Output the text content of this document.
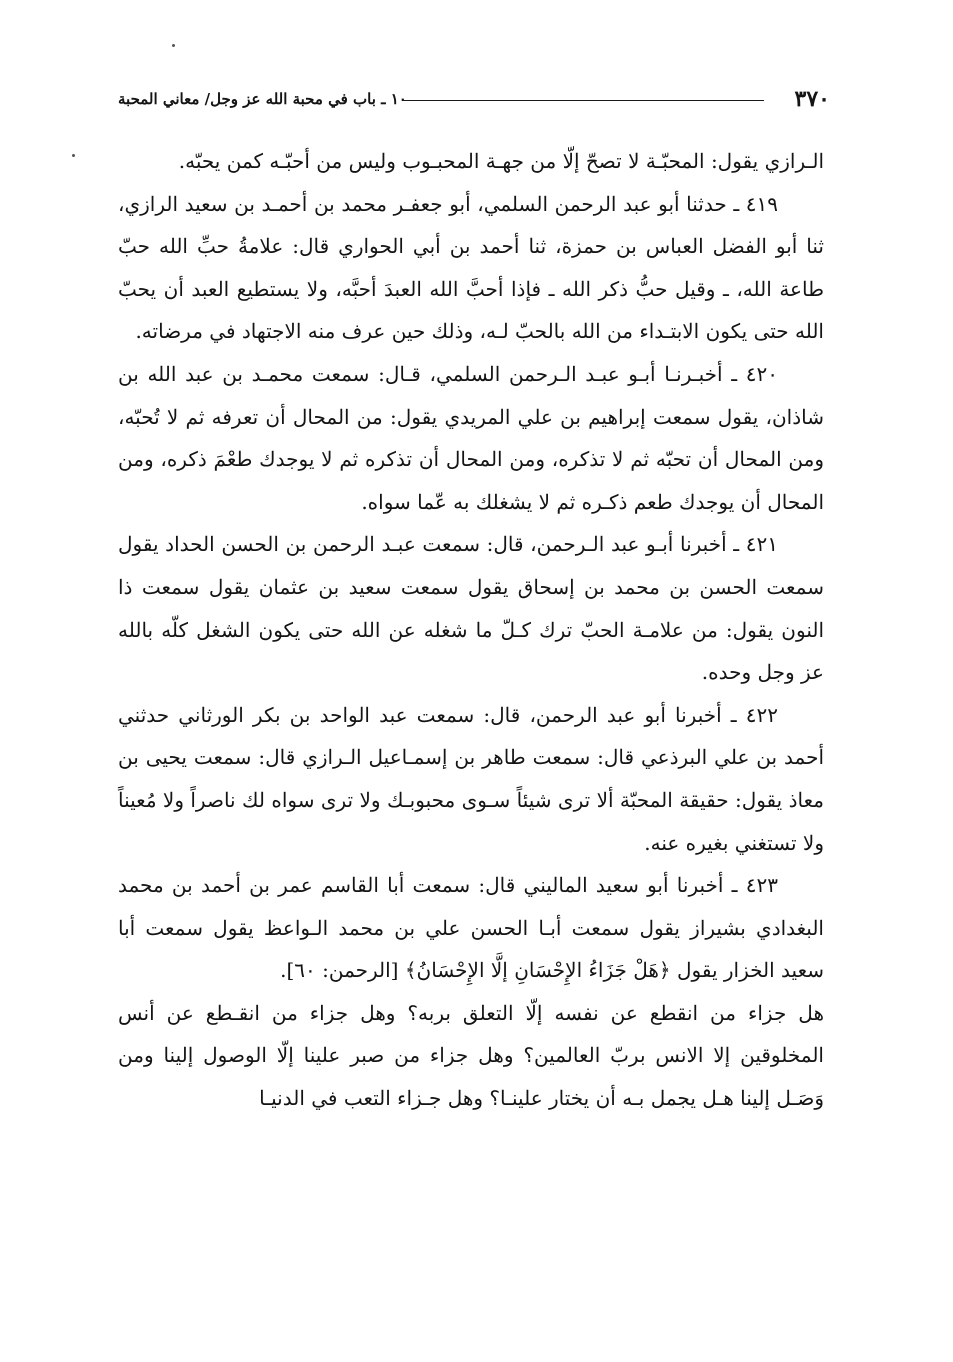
٣٧٠
١٠ ـ باب في محبة الله عز وجل/ معاني المحبة

الـرازي يقول: المحبّـة لا تصحّ إلّا من جهـة المحبـوب وليس من أحبّـه كمن يحبّه.

٤١٩ ـ حدثنا أبو عبد الرحمن السلمي، أبو جعفـر محمد بن أحمـد بن سعيد الرازي، ثنا أبو الفضل العباس بن حمزة، ثنا أحمد بن أبي الحواري قال: علامةُ حبِّ الله حبّ طاعة الله، ـ وقيل حبُّ ذكر الله ـ فإذا أحبَّ الله العبدَ أحبَّه، ولا يستطيع العبد أن يحبّ الله حتى يكون الابتـداء من الله بالحبّ لـه، وذلك حين عرف منه الاجتهاد في مرضاته.

٤٢٠ ـ أخبـرنـا أبـو عبـد الـرحمن السلمي، قـال: سمعت محمـد بن عبد الله بن شاذان، يقول سمعت إبراهيم بن علي المريدي يقول: من المحال أن تعرفه ثم لا تُحبّه، ومن المحال أن تحبّه ثم لا تذكره، ومن المحال أن تذكره ثم لا يوجدك طعْمَ ذكره، ومن المحال أن يوجدك طعم ذكـره ثم لا يشغلك به عّما سواه.

٤٢١ ـ أخبرنا أبـو عبد الـرحمن، قال: سمعت عبـد الرحمن بن الحسن الحداد يقول سمعت الحسن بن محمد بن إسحاق يقول سمعت سعيد بن عثمان يقول سمعت ذا النون يقول: من علامـة الحبّ ترك كـلّ ما شغله عن الله حتى يكون الشغل كلّه بالله عز وجل وحده.

٤٢٢ ـ أخبرنا أبو عبد الرحمن، قال: سمعت عبد الواحد بن بكر الورثاني حدثني أحمد بن علي البرذعي قال: سمعت طاهر بن إسمـاعيل الـرازي قال: سمعت يحيى بن معاذ يقول: حقيقة المحبّة ألا ترى شيئاً سـوى محبوبـك ولا ترى سواه لك ناصراً ولا مُعيناً ولا تستغني بغيره عنه.

٤٢٣ ـ أخبرنا أبو سعيد الماليني قال: سمعت أبا القاسم عمر بن أحمد بن محمد البغدادي بشيراز يقول سمعت أبـا الحسن علي بن محمد الـواعظ يقول سمعت أبا سعيد الخزار يقول ﴿هَلْ جَزَاءُ الإِحْسَانِ إلَّا الإِحْسَانُ﴾ [الرحمن: ٦٠].

هل جزاء من انقطع عن نفسه إلّا التعلق بربه؟ وهل جزاء من انقـطع عن أنس المخلوقين إلا الانس بربّ العالمين؟ وهل جزاء من صبر علينا إلّا الوصول إلينا ومن وَصَـل إلينا هـل يجمل بـه أن يختار علينـا؟ وهل جـزاء التعب في الدنيـا
